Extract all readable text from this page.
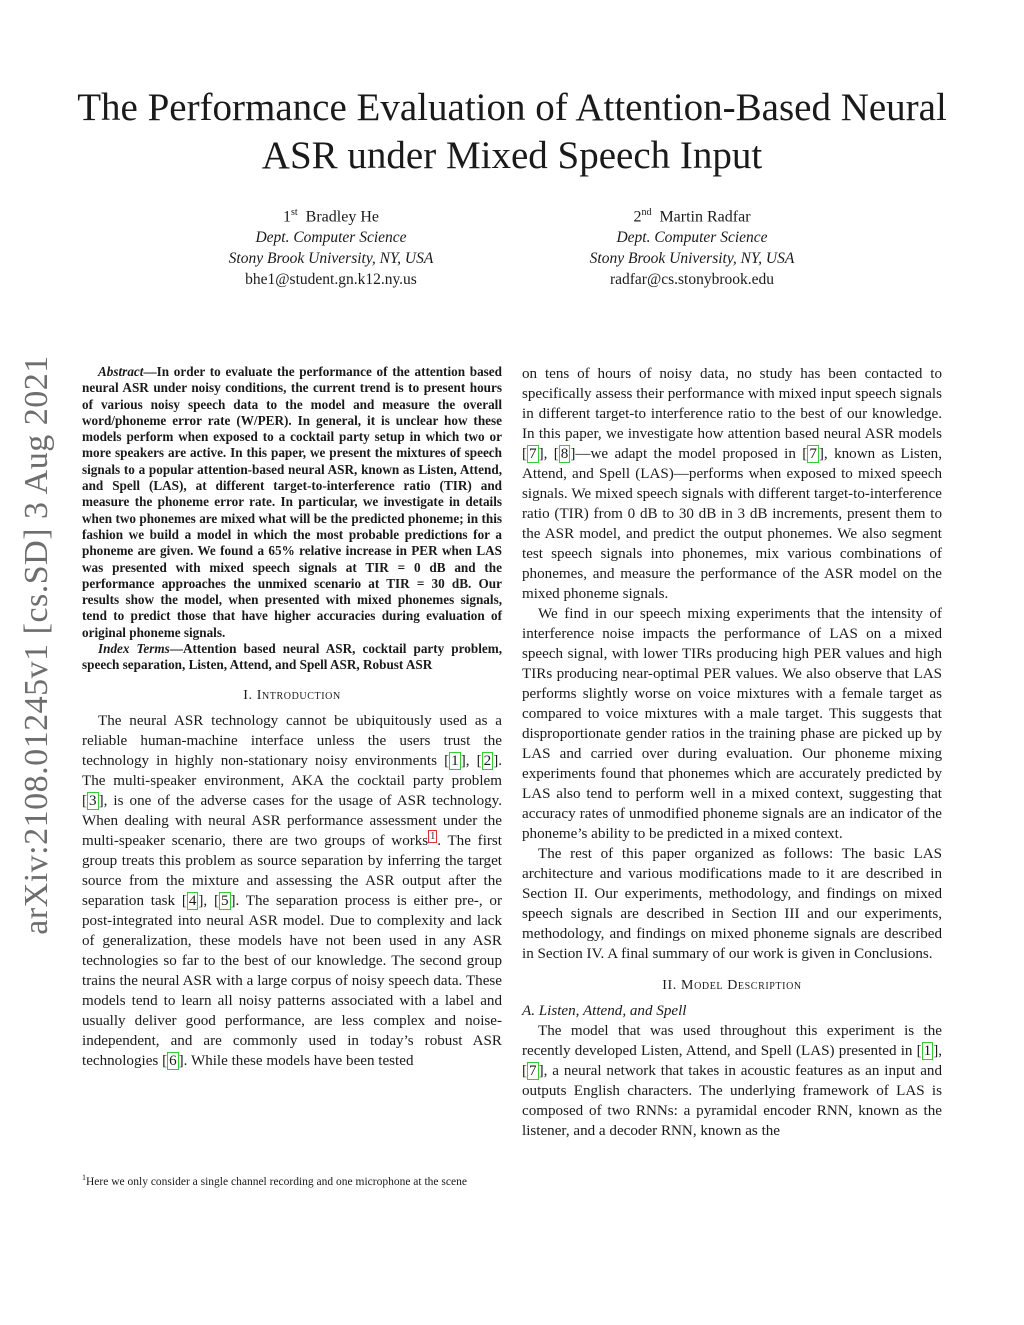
arXiv:2108.01245v1 [cs.SD] 3 Aug 2021
The Performance Evaluation of Attention-Based Neural ASR under Mixed Speech Input
1st Bradley He
Dept. Computer Science
Stony Brook University, NY, USA
bhe1@student.gn.k12.ny.us
2nd Martin Radfar
Dept. Computer Science
Stony Brook University, NY, USA
radfar@cs.stonybrook.edu

Abstract—In order to evaluate the performance of the attention based neural ASR under noisy conditions, the current trend is to present hours of various noisy speech data to the model and measure the overall word/phoneme error rate (W/PER). In general, it is unclear how these models perform when exposed to a cocktail party setup in which two or more speakers are active. In this paper, we present the mixtures of speech signals to a popular attention-based neural ASR, known as Listen, Attend, and Spell (LAS), at different target-to-interference ratio (TIR) and measure the phoneme error rate. In particular, we investigate in details when two phonemes are mixed what will be the predicted phoneme; in this fashion we build a model in which the most probable predictions for a phoneme are given. We found a 65% relative increase in PER when LAS was presented with mixed speech signals at TIR = 0 dB and the performance approaches the unmixed scenario at TIR = 30 dB. Our results show the model, when presented with mixed phonemes signals, tend to predict those that have higher accuracies during evaluation of original phoneme signals.

Index Terms—Attention based neural ASR, cocktail party problem, speech separation, Listen, Attend, and Spell ASR, Robust ASR

I. Introduction

The neural ASR technology cannot be ubiquitously used as a reliable human-machine interface unless the users trust the technology in highly non-stationary noisy environments [ 1 ], [ 2 ]. The multi-speaker environment, AKA the cocktail party problem [ 3 ], is one of the adverse cases for the usage of ASR technology. When dealing with neural ASR performance assessment under the multi-speaker scenario, there are two groups of works $^1$ . The first group treats this problem as source separation by inferring the target source from the mixture and assessing the ASR output after the separation task [ 4 ], [ 5 ]. The separation process is either pre-, or post-integrated into neural ASR model. Due to complexity and lack of generalization, these models have not been used in any ASR technologies so far to the best of our knowledge. The second group trains the neural ASR with a large corpus of noisy speech data. These models tend to learn all noisy patterns associated with a label and usually deliver good performance, are less complex and noise-independent, and are commonly used in today’s robust ASR technologies [ 6 ]. While these models have been tested

$^1$Here we only consider a single channel recording and one microphone at the scene

on tens of hours of noisy data, no study has been contacted to specifically assess their performance with mixed input speech signals in different target-to interference ratio to the best of our knowledge. In this paper, we investigate how attention based neural ASR models [ 7 ], [ 8 ]—we adapt the model proposed in [ 7 ], known as Listen, Attend, and Spell (LAS)—performs when exposed to mixed speech signals. We mixed speech signals with different target-to-interference ratio (TIR) from 0 dB to 30 dB in 3 dB increments, present them to the ASR model, and predict the output phonemes. We also segment test speech signals into phonemes, mix various combinations of phonemes, and measure the performance of the ASR model on the mixed phoneme signals.

We find in our speech mixing experiments that the intensity of interference noise impacts the performance of LAS on a mixed speech signal, with lower TIRs producing high PER values and high TIRs producing near-optimal PER values. We also observe that LAS performs slightly worse on voice mixtures with a female target as compared to voice mixtures with a male target. This suggests that disproportionate gender ratios in the training phase are picked up by LAS and carried over during evaluation. Our phoneme mixing experiments found that phonemes which are accurately predicted by LAS also tend to perform well in a mixed context, suggesting that accuracy rates of unmodified phoneme signals are an indicator of the phoneme’s ability to be predicted in a mixed context.

The rest of this paper organized as follows: The basic LAS architecture and various modifications made to it are described in Section II. Our experiments, methodology, and findings on mixed speech signals are described in Section III and our experiments, methodology, and findings on mixed phoneme signals are described in Section IV. A final summary of our work is given in Conclusions.

II. Model Description

A. Listen, Attend, and Spell

The model that was used throughout this experiment is the recently developed Listen, Attend, and Spell (LAS) presented in [ 1 ], [ 7 ], a neural network that takes in acoustic features as an input and outputs English characters. The underlying framework of LAS is composed of two RNNs: a pyramidal encoder RNN, known as the listener, and a decoder RNN, known as the
